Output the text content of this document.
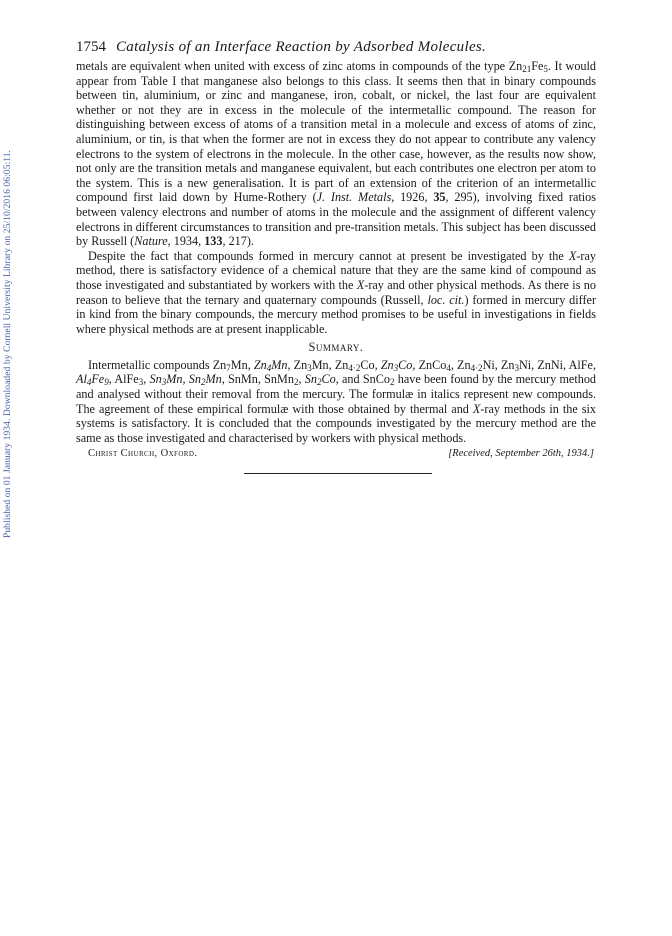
Published on 01 January 1934. Downloaded by Cornell University Library on 25/10/2016 06:05:11.
1754 Catalysis of an Interface Reaction by Adsorbed Molecules.

metals are equivalent when united with excess of zinc atoms in compounds of the type $Zn_{21}Fe_5$. It would appear from Table I that manganese also belongs to this class. It seems then that in binary compounds between tin, aluminium, or zinc and manganese, iron, cobalt, or nickel, the last four are equivalent whether or not they are in excess in the molecule of the intermetallic compound. The reason for distinguishing between excess of atoms of a transition metal in a molecule and excess of atoms of zinc, aluminium, or tin, is that when the former are not in excess they do not appear to contribute any valency electrons to the system of electrons in the molecule. In the other case, however, as the results now show, not only are the transition metals and manganese equivalent, but each contributes one electron per atom to the system. This is a new generalisation. It is part of an extension of the criterion of an intermetallic compound first laid down by Hume-Rothery (J. Inst. Metals, 1926, 35, 295), involving fixed ratios between valency electrons and number of atoms in the molecule and the assignment of different valency electrons in different circumstances to transition and pre-transition metals. This subject has been discussed by Russell (Nature, 1934, 133, 217).

Despite the fact that compounds formed in mercury cannot at present be investigated by the X-ray method, there is satisfactory evidence of a chemical nature that they are the same kind of compound as those investigated and substantiated by workers with the X-ray and other physical methods. As there is no reason to believe that the ternary and quaternary compounds (Russell, loc. cit.) formed in mercury differ in kind from the binary compounds, the mercury method promises to be useful in investigations in fields where physical methods are at present inapplicable.

Summary.

Intermetallic compounds $Zn_7Mn$, $Zn_4Mn$, $Zn_3Mn$, $Zn_{4\cdot 2}Co$, $Zn_3Co$, ZnCo$_4$, $Zn_{4\cdot 2}Ni$, $Zn_3Ni$, ZnNi, AlFe, $Al_4Fe_9$, AlFe$_3$, $Sn_3Mn$, $Sn_2Mn$, SnMn, SnMn$_2$, $Sn_2Co$, and SnCo$_2$ have been found by the mercury method and analysed without their removal from the mercury. The formulæ in italics represent new compounds. The agreement of these empirical formulæ with those obtained by thermal and X-ray methods in the six systems is satisfactory. It is concluded that the compounds investigated by the mercury method are the same as those investigated and characterised by workers with physical methods.

Christ Church, Oxford.	[Received, September 26th, 1934.]
